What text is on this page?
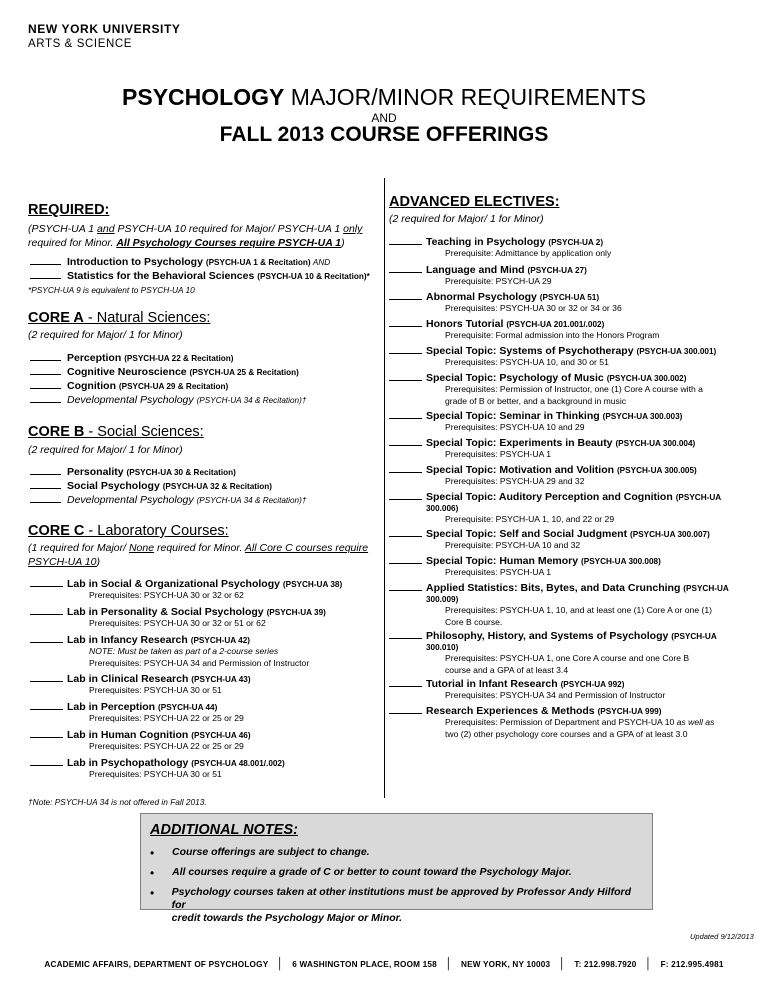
NEW YORK UNIVERSITY
ARTS & SCIENCE
PSYCHOLOGY MAJOR/MINOR REQUIREMENTS
AND
FALL 2013 COURSE OFFERINGS
REQUIRED:
(PSYCH-UA 1 and PSYCH-UA 10 required for Major/ PSYCH-UA 1 only
required for Minor. All Psychology Courses require PSYCH-UA 1)
Introduction to Psychology (PSYCH-UA 1 & Recitation) AND
Statistics for the Behavioral Sciences (PSYCH-UA 10 & Recitation)*
*PSYCH-UA 9 is equivalent to PSYCH-UA 10
CORE A - Natural Sciences:
(2 required for Major/ 1 for Minor)
Perception (PSYCH-UA 22 & Recitation)
Cognitive Neuroscience (PSYCH-UA 25 & Recitation)
Cognition (PSYCH-UA 29 & Recitation)
Developmental Psychology (PSYCH-UA 34 & Recitation)†
CORE B - Social Sciences:
(2 required for Major/ 1 for Minor)
Personality (PSYCH-UA 30 & Recitation)
Social Psychology (PSYCH-UA 32 & Recitation)
Developmental Psychology (PSYCH-UA 34 & Recitation)†
CORE C - Laboratory Courses:
(1 required for Major/ None required for Minor. All Core C courses require
PSYCH-UA 10)
Lab in Social & Organizational Psychology (PSYCH-UA 38)
Prerequisites: PSYCH-UA 30 or 32 or 62
Lab in Personality & Social Psychology (PSYCH-UA 39)
Prerequisites: PSYCH-UA 30 or 32 or 51 or 62
Lab in Infancy Research (PSYCH-UA 42)
NOTE: Must be taken as part of a 2-course series
Prerequisites: PSYCH-UA 34 and Permission of Instructor
Lab in Clinical Research (PSYCH-UA 43)
Prerequisites: PSYCH-UA 30 or 51
Lab in Perception (PSYCH-UA 44)
Prerequisites: PSYCH-UA 22 or 25 or 29
Lab in Human Cognition (PSYCH-UA 46)
Prerequisites: PSYCH-UA 22 or 25 or 29
Lab in Psychopathology (PSYCH-UA 48.001/.002)
Prerequisites: PSYCH-UA 30 or 51
†Note: PSYCH-UA 34 is not offered in Fall 2013.
ADVANCED ELECTIVES:
(2 required for Major/ 1 for Minor)
Teaching in Psychology (PSYCH-UA 2)
Prerequisite: Admittance by application only
Language and Mind (PSYCH-UA 27)
Prerequisite: PSYCH-UA 29
Abnormal Psychology (PSYCH-UA 51)
Prerequisites: PSYCH-UA 30 or 32 or 34 or 36
Honors Tutorial (PSYCH-UA 201.001/.002)
Prerequisite: Formal admission into the Honors Program
Special Topic: Systems of Psychotherapy (PSYCH-UA 300.001)
Prerequisites: PSYCH-UA 10, and 30 or 51
Special Topic: Psychology of Music (PSYCH-UA 300.002)
Prerequisites: Permission of Instructor, one (1) Core A course with a
grade of B or better, and a background in music
Special Topic: Seminar in Thinking (PSYCH-UA 300.003)
Prerequisites: PSYCH-UA 10 and 29
Special Topic: Experiments in Beauty (PSYCH-UA 300.004)
Prerequisites: PSYCH-UA 1
Special Topic: Motivation and Volition (PSYCH-UA 300.005)
Prerequisites: PSYCH-UA 29 and 32
Special Topic: Auditory Perception and Cognition (PSYCH-UA
300.006)
Prerequisite: PSYCH-UA 1, 10, and 22 or 29
Special Topic: Self and Social Judgment (PSYCH-UA 300.007)
Prerequisite: PSYCH-UA 10 and 32
Special Topic: Human Memory (PSYCH-UA 300.008)
Prerequisites: PSYCH-UA 1
Applied Statistics: Bits, Bytes, and Data Crunching (PSYCH-UA
300.009)
Prerequisites: PSYCH-UA 1, 10, and at least one (1) Core A or one (1)
Core B course.
Philosophy, History, and Systems of Psychology (PSYCH-UA
300.010)
Prerequisites: PSYCH-UA 1, one Core A course and one Core B
course and a GPA of at least 3.4
Tutorial in Infant Research (PSYCH-UA 992)
Prerequisites: PSYCH-UA 34 and Permission of Instructor
Research Experiences & Methods (PSYCH-UA 999)
Prerequisites: Permission of Department and PSYCH-UA 10 as well as
two (2) other psychology core courses and a GPA of at least 3.0
ADDITIONAL NOTES:
•	Course offerings are subject to change.
•	All courses require a grade of C or better to count toward the Psychology Major.
•	Psychology courses taken at other institutions must be approved by Professor Andy Hilford for
credit towards the Psychology Major or Minor.
Updated 9/12/2013
ACADEMIC AFFAIRS, DEPARTMENT OF PSYCHOLOGY │ 6 WASHINGTON PLACE, ROOM 158 │ NEW YORK, NY 10003 │ T: 212.998.7920 │ F: 212.995.4981
